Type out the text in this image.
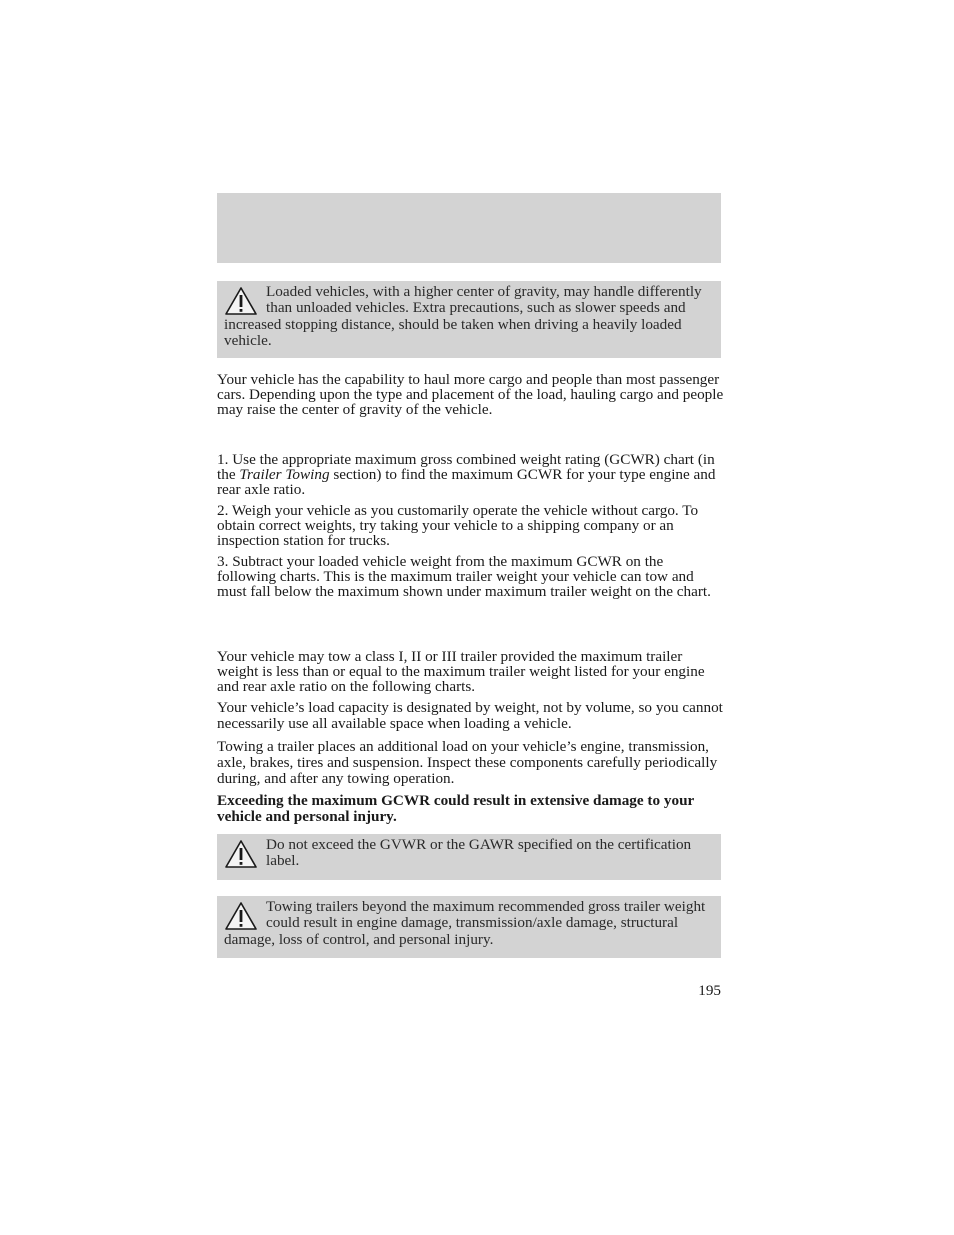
Loaded vehicles, with a higher center of gravity, may handle differently than unloaded vehicles. Extra precautions, such as slower speeds and increased stopping distance, should be taken when driving a heavily loaded vehicle.

Your vehicle has the capability to haul more cargo and people than most passenger cars. Depending upon the type and placement of the load, hauling cargo and people may raise the center of gravity of the vehicle.

1. Use the appropriate maximum gross combined weight rating (GCWR) chart (in the Trailer Towing section) to find the maximum GCWR for your type engine and rear axle ratio.

2. Weigh your vehicle as you customarily operate the vehicle without cargo. To obtain correct weights, try taking your vehicle to a shipping company or an inspection station for trucks.

3. Subtract your loaded vehicle weight from the maximum GCWR on the following charts. This is the maximum trailer weight your vehicle can tow and must fall below the maximum shown under maximum trailer weight on the chart.

Your vehicle may tow a class I, II or III trailer provided the maximum trailer weight is less than or equal to the maximum trailer weight listed for your engine and rear axle ratio on the following charts.

Your vehicle’s load capacity is designated by weight, not by volume, so you cannot necessarily use all available space when loading a vehicle.

Towing a trailer places an additional load on your vehicle’s engine, transmission, axle, brakes, tires and suspension. Inspect these components carefully periodically during, and after any towing operation.

Exceeding the maximum GCWR could result in extensive damage to your vehicle and personal injury.

Do not exceed the GVWR or the GAWR specified on the certification label.
Towing trailers beyond the maximum recommended gross trailer weight could result in engine damage, transmission/axle damage, structural damage, loss of control, and personal injury.
195
